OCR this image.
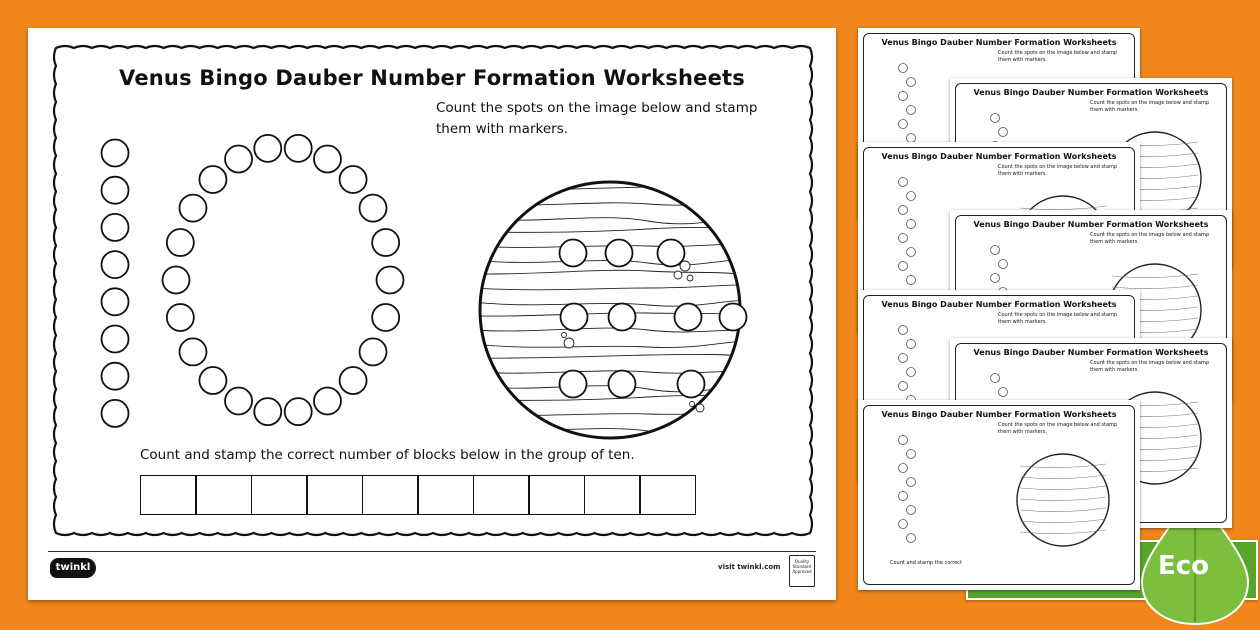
Venus Bingo Dauber Number Formation Worksheets
Count the spots on the image below and stamp them with markers.
Count and stamp the correct number of blocks below in the group of ten.
twinkl	visit twinkl.com
Quality Standard Approved
Venus Bingo Dauber Number Formation Worksheets
Count the spots on the image below and stamp them with markers.
Venus Bingo Dauber Number Formation Worksheets
Count the spots on the image below and stamp them with markers.
Venus Bingo Dauber Number Formation Worksheets
Count the spots on the image below and stamp them with markers.
Venus Bingo Dauber Number Formation Worksheets
Count the spots on the image below and stamp them with markers.
Venus Bingo Dauber Number Formation Worksheets
Count the spots on the image below and stamp them with markers.
Venus Bingo Dauber Number Formation Worksheets
Count the spots on the image below and stamp them with markers.
Venus Bingo Dauber Number Formation Worksheets
Count the spots on the image below and stamp them with markers.
Count and stamp the correct	Eco
